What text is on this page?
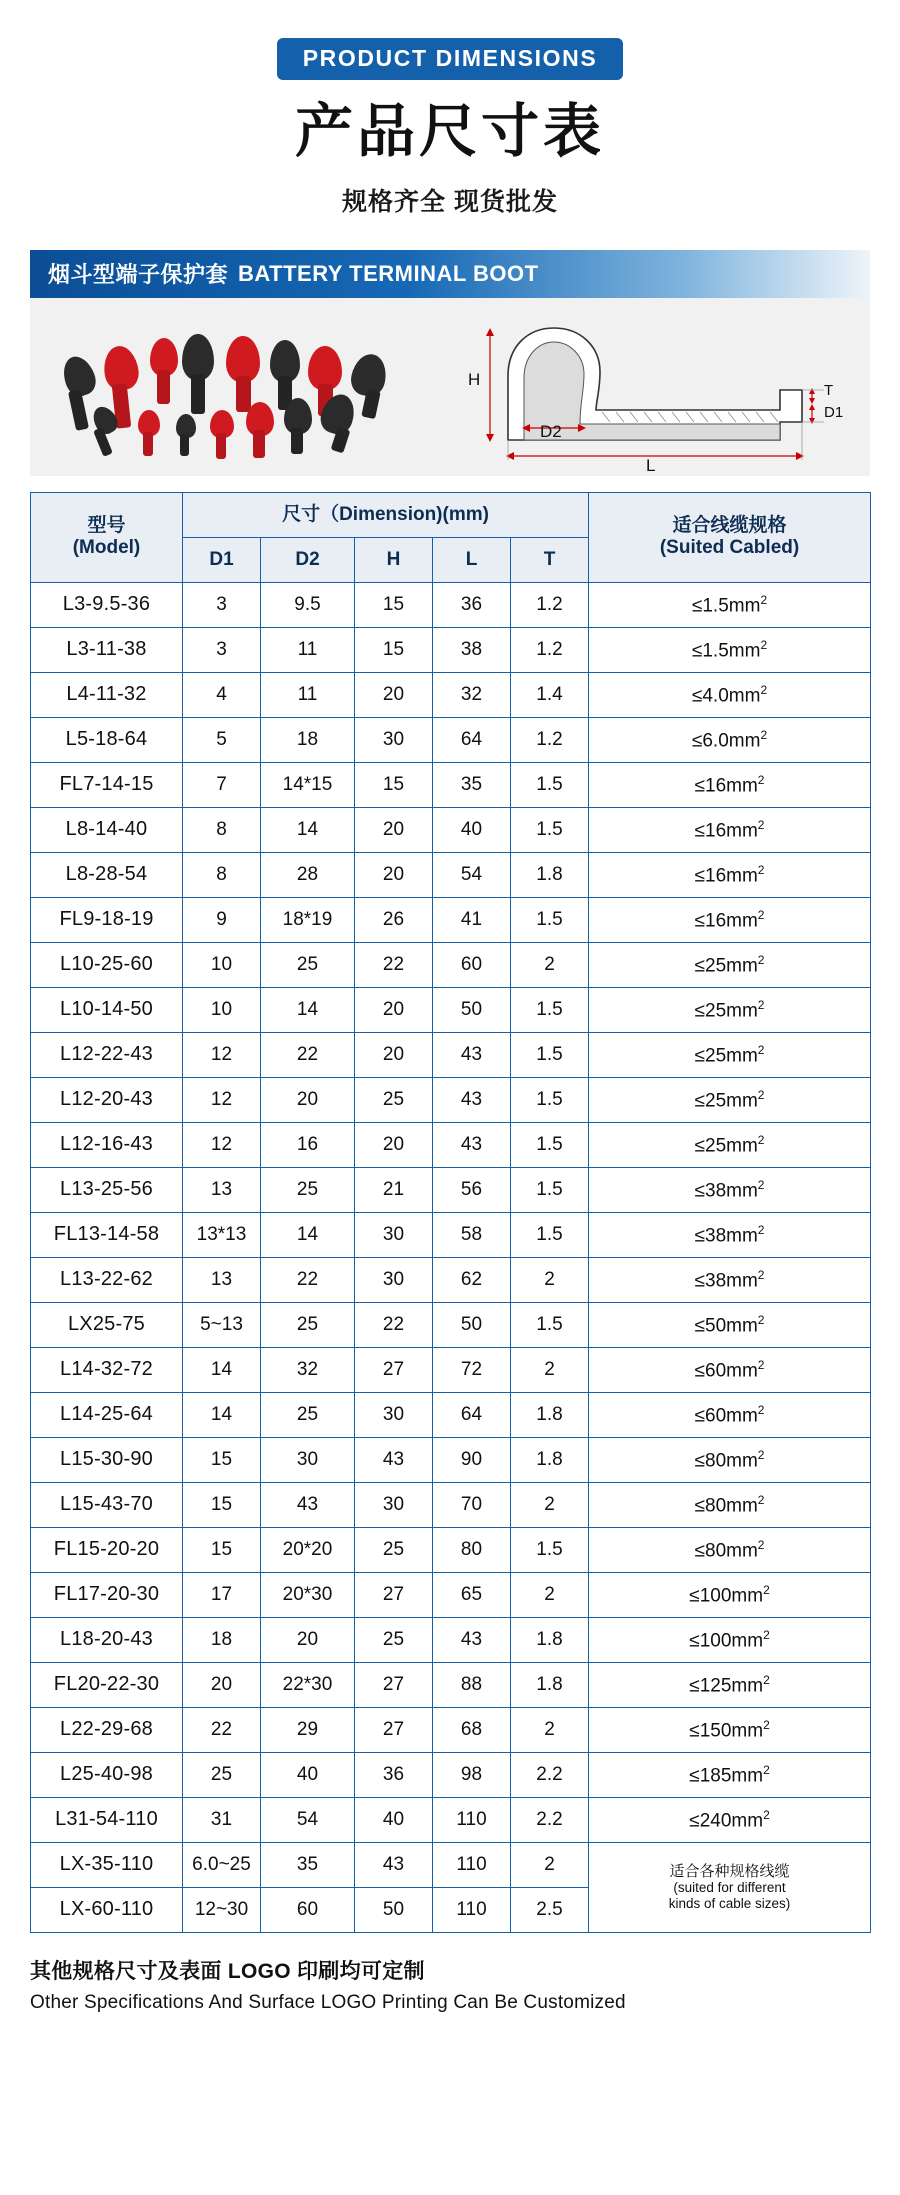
PRODUCT DIMENSIONS
产品尺寸表
规格齐全 现货批发
烟斗型端子保护套 BATTERY TERMINAL BOOT
H
D2
L
T
D1
型号
(Model)
	尺寸（Dimension)(mm)	
适合线缆规格
(Suited Cabled)

	D1	D2	H	L	T	
L3-9.5-36	3	9.5	15	36	1.2	$\le 1.5mm^2$
L3-11-38	3	11	15	38	1.2	$\le 1.5mm^2$
L4-11-32	4	11	20	32	1.4	$\le 4.0mm^2$
L5-18-64	5	18	30	64	1.2	$\le 6.0mm^2$
FL7-14-15	7	14*15	15	35	1.5	$\le 16mm^2$
L8-14-40	8	14	20	40	1.5	$\le 16mm^2$
L8-28-54	8	28	20	54	1.8	$\le 16mm^2$
FL9-18-19	9	18*19	26	41	1.5	$\le 16mm^2$
L10-25-60	10	25	22	60	2	$\le 25mm^2$
L10-14-50	10	14	20	50	1.5	$\le 25mm^2$
L12-22-43	12	22	20	43	1.5	$\le 25mm^2$
L12-20-43	12	20	25	43	1.5	$\le 25mm^2$
L12-16-43	12	16	20	43	1.5	$\le 25mm^2$
L13-25-56	13	25	21	56	1.5	$\le 38mm^2$
FL13-14-58	13*13	14	30	58	1.5	$\le 38mm^2$
L13-22-62	13	22	30	62	2	$\le 38mm^2$
LX25-75	5~13	25	22	50	1.5	$\le 50mm^2$
L14-32-72	14	32	27	72	2	$\le 60mm^2$
L14-25-64	14	25	30	64	1.8	$\le 60mm^2$
L15-30-90	15	30	43	90	1.8	$\le 80mm^2$
L15-43-70	15	43	30	70	2	$\le 80mm^2$
FL15-20-20	15	20*20	25	80	1.5	$\le 80mm^2$
FL17-20-30	17	20*30	27	65	2	$\le 100mm^2$
L18-20-43	18	20	25	43	1.8	$\le 100mm^2$
FL20-22-30	20	22*30	27	88	1.8	$\le 125mm^2$
L22-29-68	22	29	27	68	2	$\le 150mm^2$
L25-40-98	25	40	36	98	2.2	$\le 185mm^2$
L31-54-110	31	54	40	110	2.2	$\le 240mm^2$
LX-35-110	6.0~25	35	43	110	2	适合各种规格线缆
(suited for different
kinds of cable sizes)

LX-60-110	12~30	60	50	110	2.5	
其他规格尺寸及表面 LOGO 印刷均可定制
Other Specifications And Surface LOGO Printing Can Be Customized
